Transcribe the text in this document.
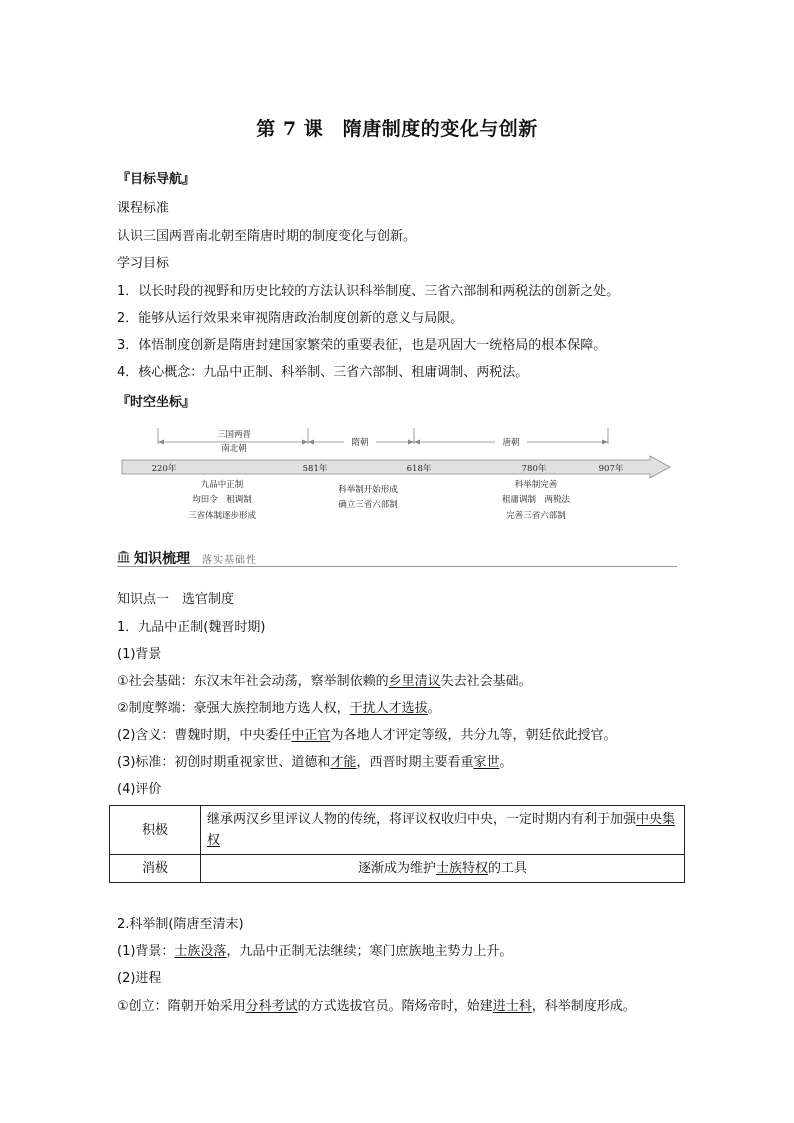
第 7 课　隋唐制度的变化与创新
『目标导航』
课程标准
认识三国两晋南北朝至隋唐时期的制度变化与创新。
学习目标
1．以长时段的视野和历史比较的方法认识科举制度、三省六部制和两税法的创新之处。
2．能够从运行效果来审视隋唐政治制度创新的意义与局限。
3．体悟制度创新是隋唐封建国家繁荣的重要表征，也是巩固大一统格局的根本保障。
4．核心概念：九品中正制、科举制、三省六部制、租庸调制、两税法。
『时空坐标』
三国两晋
南北朝
隋朝	唐朝
220年	581年	618年	780年	907年
九品中正制
均田令　租调制
三省体制逐步形成
科举制开始形成
确立三省六部制
科举制完善
租庸调制　两税法
完善三省六部制
知识梳理 落实基础性
知识点一　选官制度
1．九品中正制(魏晋时期)
(1)背景
①社会基础：东汉末年社会动荡，察举制依赖的乡里清议失去社会基础。
②制度弊端：豪强大族控制地方选人权，干扰人才选拔。
(2)含义：曹魏时期，中央委任中正官为各地人才评定等级，共分九等，朝廷依此授官。
(3)标准：初创时期重视家世、道德和才能，西晋时期主要看重家世。
(4)评价
积极	继承两汉乡里评议人物的传统，将评议权收归中央，一定时期内有利于加强中央集权
消极	逐渐成为维护士族特权的工具
2.科举制(隋唐至清末)
(1)背景：士族没落，九品中正制无法继续；寒门庶族地主势力上升。
(2)进程
①创立：隋朝开始采用分科考试的方式选拔官员。隋炀帝时，始建进士科，科举制度形成。
